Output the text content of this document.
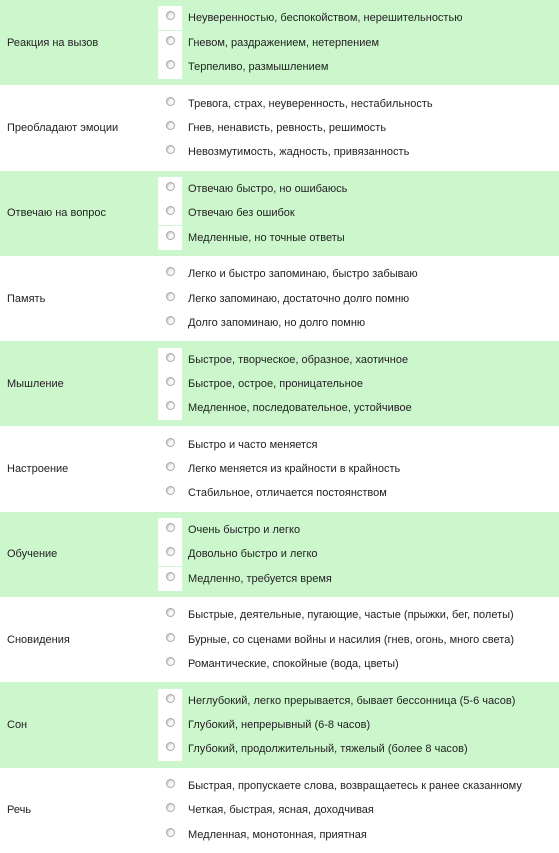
Реакция на вызов
Неуверенностью, беспокойством, нерешительностью
Гневом, раздражением, нетерпением
Терпеливо, размышлением
Преобладают эмоции
Тревога, страх, неуверенность, нестабильность
Гнев, ненависть, ревность, решимость
Невозмутимость, жадность, привязанность
Отвечаю на вопрос
Отвечаю быстро, но ошибаюсь
Отвечаю без ошибок
Медленные, но точные ответы
Память
Легко и быстро запоминаю, быстро забываю
Легко запоминаю, достаточно долго помню
Долго запоминаю, но долго помню
Мышление
Быстрое, творческое, образное, хаотичное
Быстрое, острое, проницательное
Медленное, последовательное, устойчивое
Настроение
Быстро и часто меняется
Легко меняется из крайности в крайность
Стабильное, отличается постоянством
Обучение
Очень быстро и легко
Довольно быстро и легко
Медленно, требуется время
Сновидения
Быстрые, деятельные, пугающие, частые (прыжки, бег, полеты)
Бурные, со сценами войны и насилия (гнев, огонь, много света)
Романтические, спокойные (вода, цветы)
Сон
Неглубокий, легко прерывается, бывает бессонница (5-6 часов)
Глубокий, непрерывный (6-8 часов)
Глубокий, продолжительный, тяжелый (более 8 часов)
Речь
Быстрая, пропускаете слова, возвращаетесь к ранее сказанному
Четкая, быстрая, ясная, доходчивая
Медленная, монотонная, приятная
